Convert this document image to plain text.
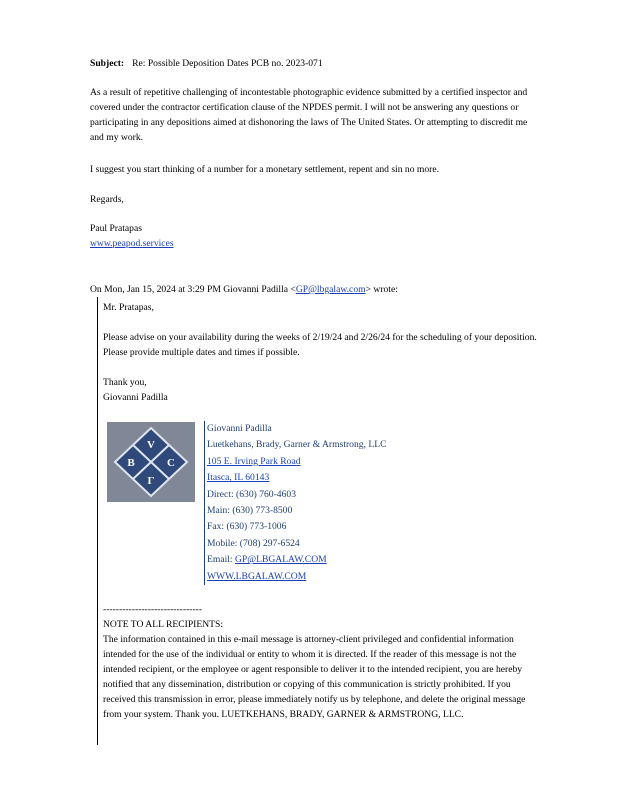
Subject: Re: Possible Deposition Dates PCB no. 2023-071
As a result of repetitive challenging of incontestable photographic evidence submitted by a certified inspector and covered under the contractor certification clause of the NPDES permit. I will not be answering any questions or participating in any depositions aimed at dishonoring the laws of The United States. Or attempting to discredit me and my work.
I suggest you start thinking of a number for a monetary settlement, repent and sin no more.
Regards,
Paul Pratapas
www.peapod.services
On Mon, Jan 15, 2024 at 3:29 PM Giovanni Padilla <GP@lbgalaw.com> wrote:
Mr. Pratapas,
Please advise on your availability during the weeks of 2/19/24 and 2/26/24 for the scheduling of your deposition. Please provide multiple dates and times if possible.
Thank you,
Giovanni Padilla
V
B	C
Γ
Giovanni Padilla
Luetkehans, Brady, Garner & Armstrong, LLC
105 E. Irving Park Road
Itasca, IL 60143
Direct: (630) 760-4603
Main: (630) 773-8500
Fax: (630) 773-1006
Mobile: (708) 297-6524
Email: GP@LBGALAW.COM
WWW.LBGALAW.COM
-------------------------------
NOTE TO ALL RECIPIENTS:
The information contained in this e-mail message is attorney-client privileged and confidential information intended for the use of the individual or entity to whom it is directed. If the reader of this message is not the intended recipient, or the employee or agent responsible to deliver it to the intended recipient, you are hereby notified that any dissemination, distribution or copying of this communication is strictly prohibited. If you received this transmission in error, please immediately notify us by telephone, and delete the original message from your system. Thank you. LUETKEHANS, BRADY, GARNER & ARMSTRONG, LLC.
